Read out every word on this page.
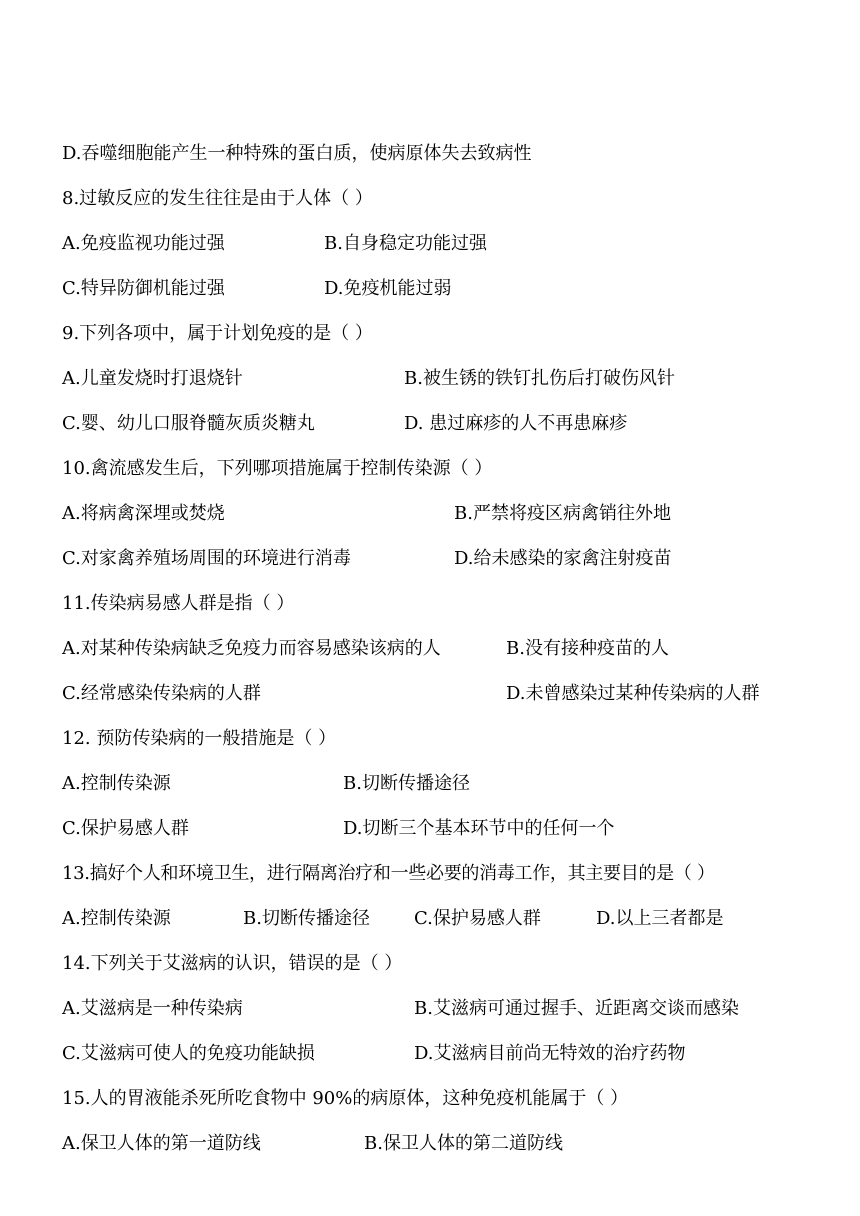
D.吞噬细胞能产生一种特殊的蛋白质，使病原体失去致病性
8.过敏反应的发生往往是由于人体（ ）
A.免疫监视功能过强	B.自身稳定功能过强
C.特异防御机能过强	D.免疫机能过弱
9.下列各项中，属于计划免疫的是（ ）
A.儿童发烧时打退烧针	B.被生锈的铁钉扎伤后打破伤风针
C.婴、幼儿口服脊髓灰质炎糖丸	D. 患过麻疹的人不再患麻疹
10.禽流感发生后，下列哪项措施属于控制传染源（ ）
A.将病禽深埋或焚烧	B.严禁将疫区病禽销往外地
C.对家禽养殖场周围的环境进行消毒	D.给未感染的家禽注射疫苗
11.传染病易感人群是指（ ）
A.对某种传染病缺乏免疫力而容易感染该病的人	B.没有接种疫苗的人
C.经常感染传染病的人群	D.未曾感染过某种传染病的人群
12. 预防传染病的一般措施是（ ）
A.控制传染源	B.切断传播途径
C.保护易感人群	D.切断三个基本环节中的任何一个
13.搞好个人和环境卫生，进行隔离治疗和一些必要的消毒工作，其主要目的是（ ）
A.控制传染源	B.切断传播途径 C.保护易感人群	D.以上三者都是
14.下列关于艾滋病的认识，错误的是（ ）
A.艾滋病是一种传染病	B.艾滋病可通过握手、近距离交谈而感染
C.艾滋病可使人的免疫功能缺损	D.艾滋病目前尚无特效的治疗药物
15.人的胃液能杀死所吃食物中 90%的病原体，这种免疫机能属于（ ）
A.保卫人体的第一道防线	B.保卫人体的第二道防线
